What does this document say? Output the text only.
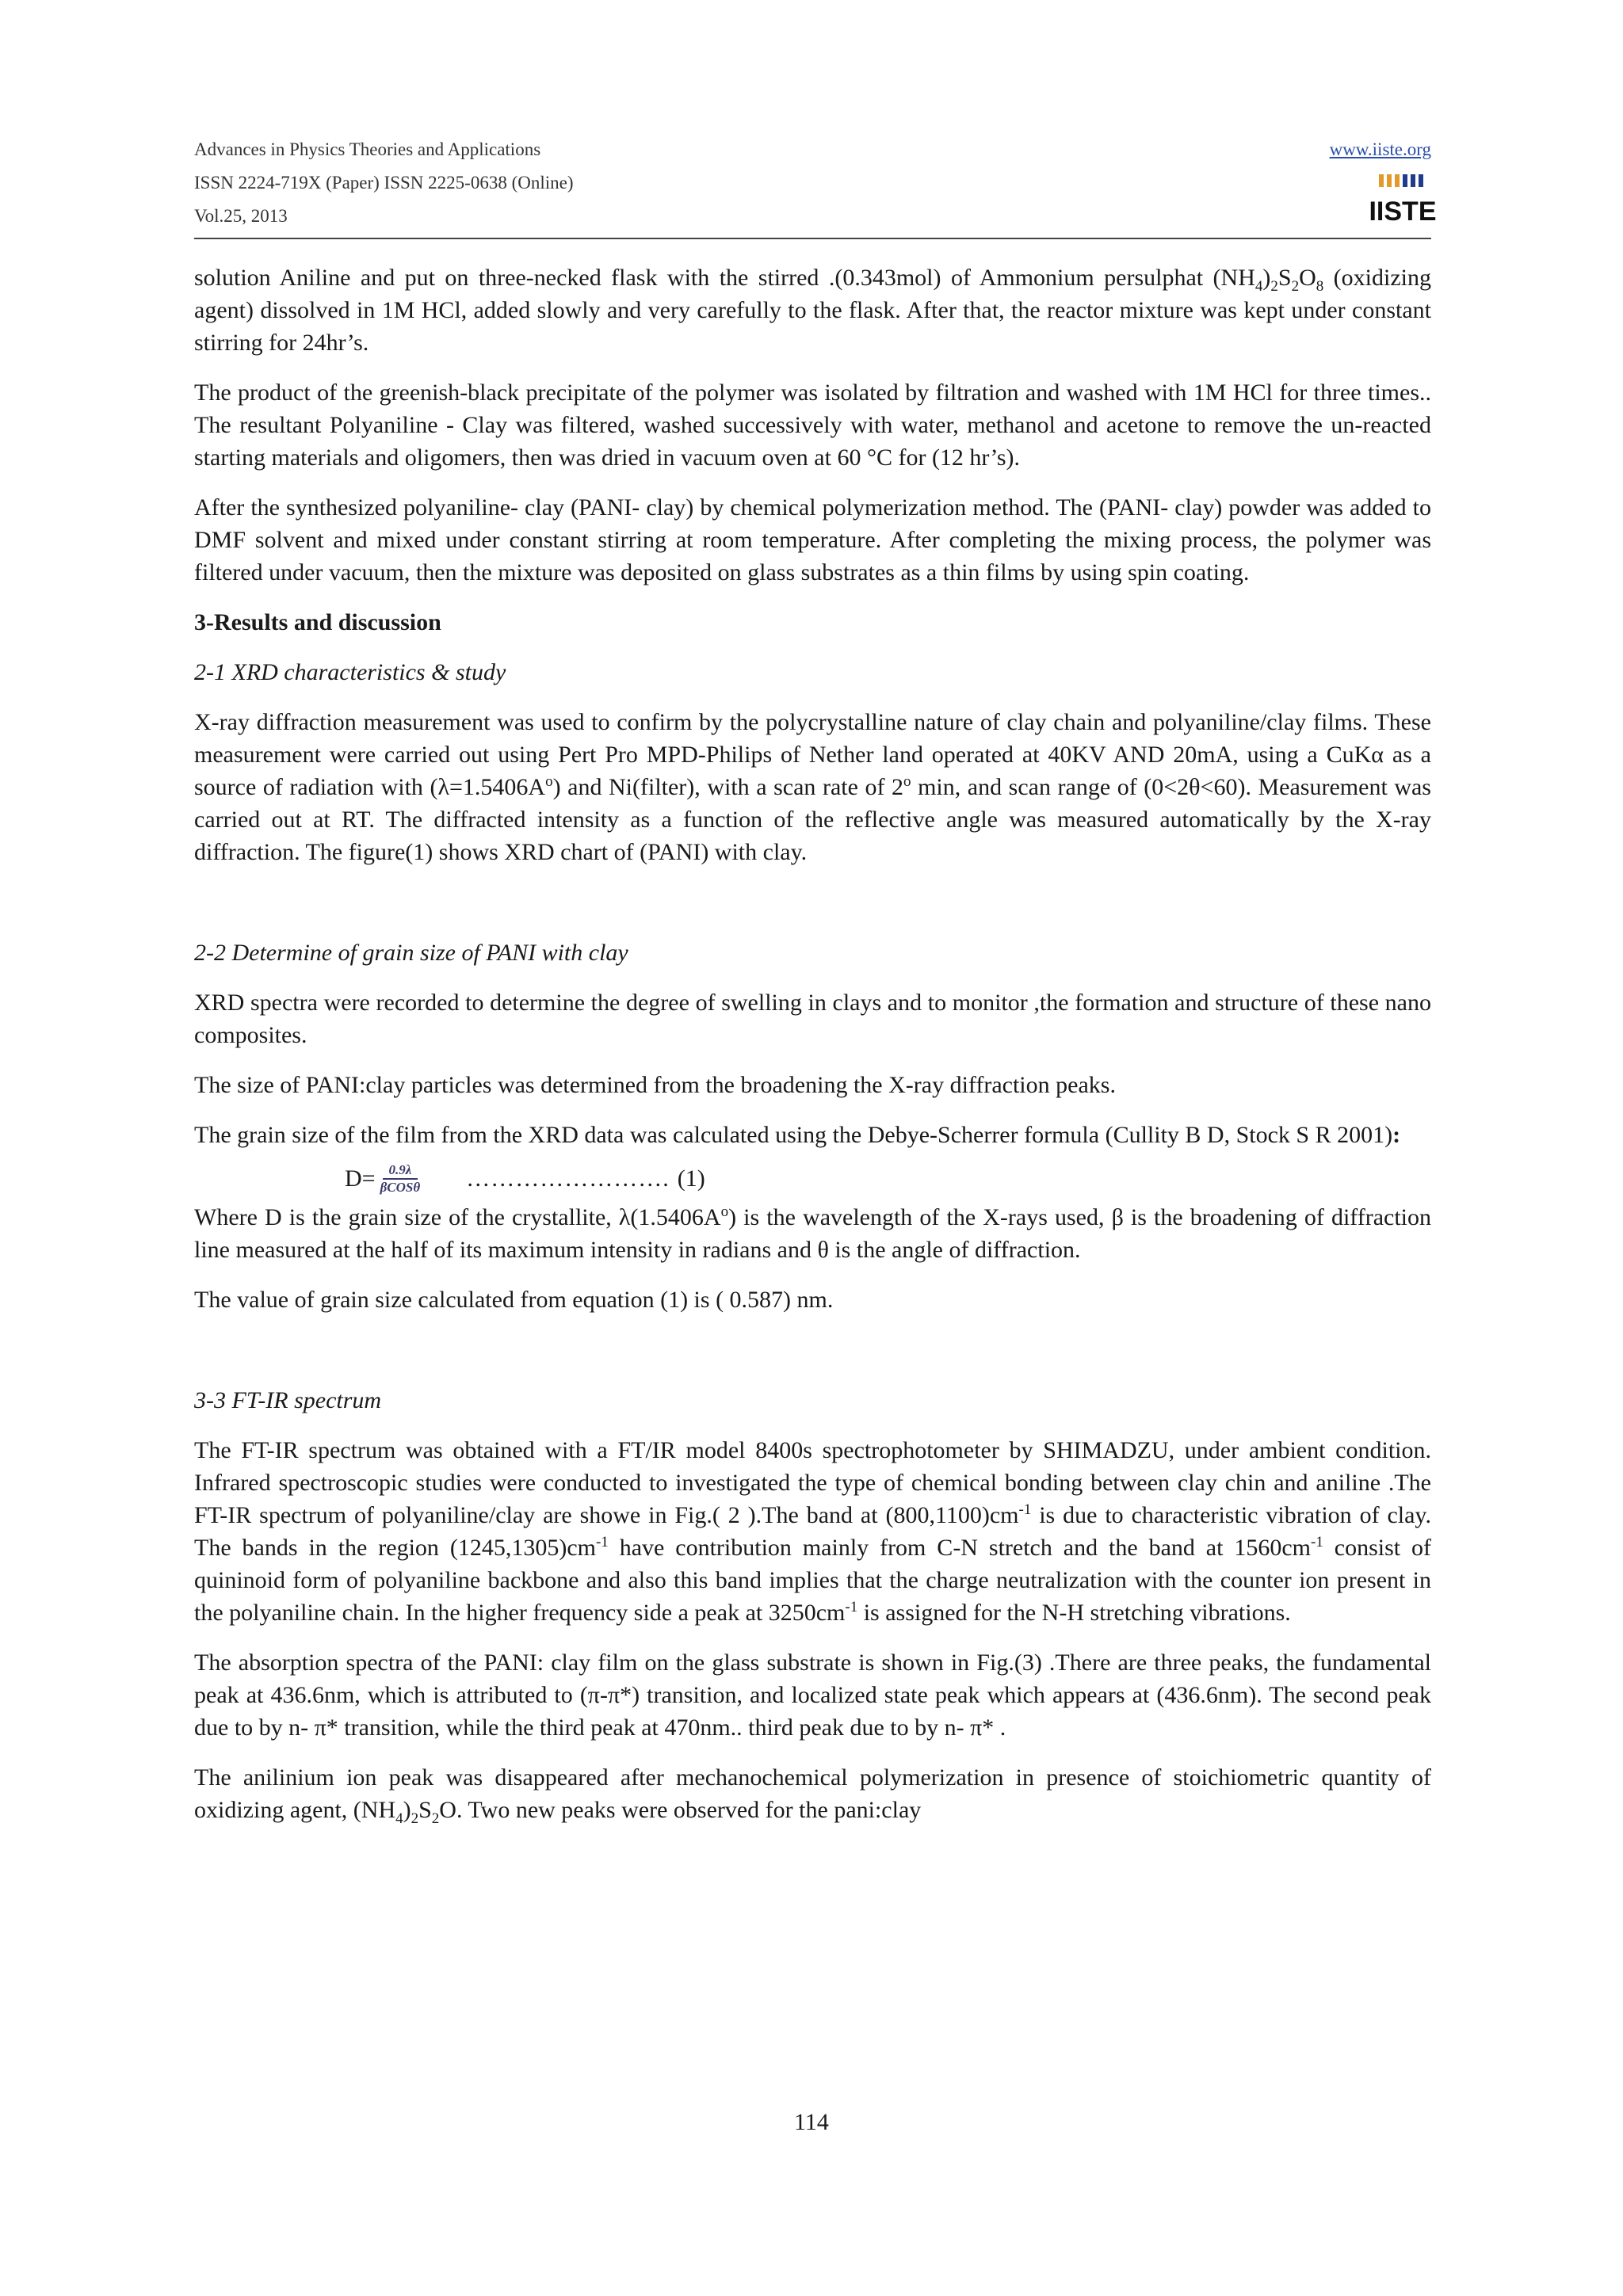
Advances in Physics Theories and Applications
ISSN 2224-719X (Paper) ISSN 2225-0638 (Online)
Vol.25, 2013
www.iiste.org
IISTE

solution Aniline and put on three-necked flask with the stirred .(0.343mol) of Ammonium persulphat $(NH_4)_2S_2O_8$ (oxidizing agent) dissolved in 1M HCl, added slowly and very carefully to the flask. After that, the reactor mixture was kept under constant stirring for 24hr’s.

The product of the greenish-black precipitate of the polymer was isolated by filtration and washed with 1M HCl for three times.. The resultant Polyaniline - Clay was filtered, washed successively with water, methanol and acetone to remove the un-reacted starting materials and oligomers, then was dried in vacuum oven at 60 °C for (12 hr’s).

After the synthesized polyaniline- clay (PANI- clay) by chemical polymerization method. The (PANI- clay) powder was added to DMF solvent and mixed under constant stirring at room temperature. After completing the mixing process, the polymer was filtered under vacuum, then the mixture was deposited on glass substrates as a thin films by using spin coating.

3-Results and discussion
2-1 XRD characteristics & study

X-ray diffraction measurement was used to confirm by the polycrystalline nature of clay chain and polyaniline/clay films. These measurement were carried out using Pert Pro MPD-Philips of Nether land operated at 40KV AND 20mA, using a CuKα as a source of radiation with $(\lambda=1.5406A^o)$ and Ni(filter), with a scan rate of 2$^o$ min, and scan range of (0<2θ<60). Measurement was carried out at RT. The diffracted intensity as a function of the reflective angle was measured automatically by the X-ray diffraction. The figure(1) shows XRD chart of (PANI) with clay.

2-2 Determine of grain size of PANI with clay

XRD spectra were recorded to determine the degree of swelling in clays and to monitor ,the formation and structure of these nano composites.

The size of PANI:clay particles was determined from the broadening the X-ray diffraction peaks.

The grain size of the film from the XRD data was calculated using the Debye-Scherrer formula (Cullity B D, Stock S R 2001):

$D= \frac{0.9\lambda}{\text{βCOSθ}}$ ……………………. (1)

Where D is the grain size of the crystallite, $\lambda(1.5406A^o)$ is the wavelength of the X-rays used, β is the broadening of diffraction line measured at the half of its maximum intensity in radians and θ is the angle of diffraction.

The value of grain size calculated from equation (1) is ( 0.587) nm.

3-3 FT-IR spectrum

The FT-IR spectrum was obtained with a FT/IR model 8400s spectrophotometer by SHIMADZU, under ambient condition. Infrared spectroscopic studies were conducted to investigated the type of chemical bonding between clay chin and aniline .The FT-IR spectrum of polyaniline/clay are showe in Fig.( 2 ).The band at $(800,1100)cm^{-1}$ is due to characteristic vibration of clay. The bands in the region $(1245,1305)cm^{-1}$ have contribution mainly from C-N stretch and the band at $1560cm^{-1}$ consist of quininoid form of polyaniline backbone and also this band implies that the charge neutralization with the counter ion present in the polyaniline chain. In the higher frequency side a peak at $3250cm^{-1}$ is assigned for the N-H stretching vibrations.

The absorption spectra of the PANI: clay film on the glass substrate is shown in Fig.(3) .There are three peaks, the fundamental peak at 436.6nm, which is attributed to (π-π*) transition, and localized state peak which appears at (436.6nm). The second peak due to by n- π* transition, while the third peak at 470nm.. third peak due to by n- π* .

The anilinium ion peak was disappeared after mechanochemical polymerization in presence of stoichiometric quantity of oxidizing agent, $(NH_4)_2S_2O$. Two new peaks were observed for the pani:clay

114
